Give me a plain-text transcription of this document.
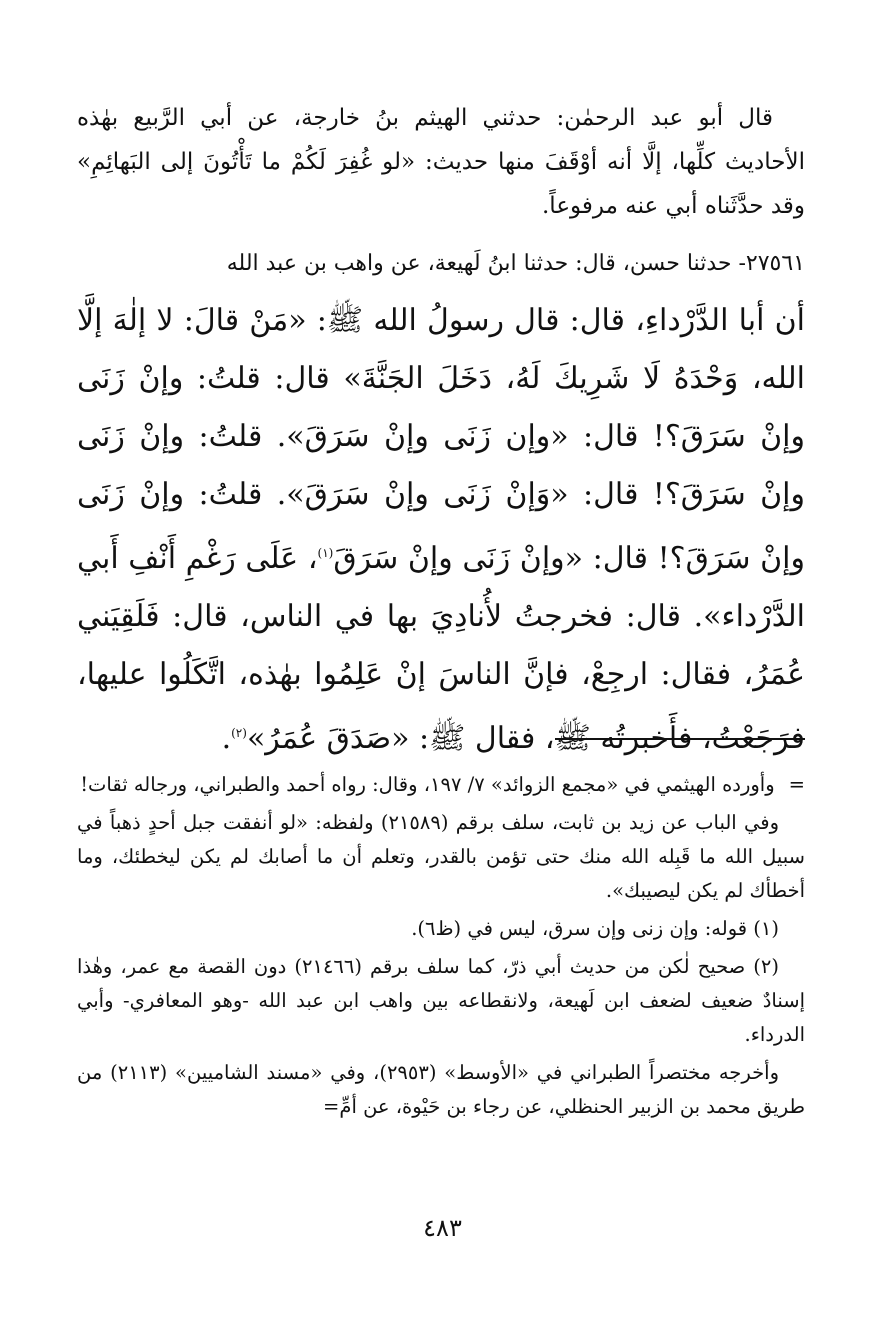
قال أبو عبد الرحمٰن: حدثني الهيثم بنُ خارجة، عن أبي الرَّبيع بهٰذه الأحاديث كلِّها، إلَّا أنه أوْقَفَ منها حديث: «لو غُفِرَ لَكُمْ ما تَأْتُونَ إلى البَهائِمِ» وقد حدَّثَناه أبي عنه مرفوعاً.

٢٧٥٦١- حدثنا حسن، قال: حدثنا ابنُ لَهيعة، عن واهب بن عبد الله

أن أبا الدَّرْداءِ، قال: قال رسولُ الله ﷺ: «مَنْ قالَ: لا إلٰهَ إلَّا الله، وَحْدَهُ لَا شَرِيكَ لَهُ، دَخَلَ الجَنَّةَ» قال: قلتُ: وإنْ زَنَى وإنْ سَرَقَ؟! قال: «وإن زَنَى وإنْ سَرَقَ». قلتُ: وإنْ زَنَى وإنْ سَرَقَ؟! قال: «وَإنْ زَنَى وإنْ سَرَقَ». قلتُ: وإنْ زَنَى وإنْ سَرَقَ؟! قال: «وإنْ زَنَى وإنْ سَرَقَ$^{(١)}$، عَلَى رَغْمِ أَنْفِ أَبي الدَّرْداء». قال: فخرجتُ لأُنادِيَ بها في الناس، قال: فَلَقِيَني عُمَرُ، فقال: ارجِعْ، فإنَّ الناسَ إنْ عَلِمُوا بهٰذه، اتَّكَلُوا عليها، فرَجَعْتُ، فأَخبرتُه ﷺ، فقال ﷺ: «صَدَقَ عُمَرُ»$^{(٢)}$.

=وأورده الهيثمي في «مجمع الزوائد» ٧/ ١٩٧، وقال: رواه أحمد والطبراني، ورجاله ثقات!

وفي الباب عن زيد بن ثابت، سلف برقم (٢١٥٨٩) ولفظه: «لو أنفقت جبل أحدٍ ذهباً في سبيل الله ما قَبِله الله منك حتى تؤمن بالقدر، وتعلم أن ما أصابك لم يكن ليخطئك، وما أخطأك لم يكن ليصيبك».

(١) قوله: وإن زنى وإن سرق، ليس في (ظ٦).

(٢) صحيح لٰكن من حديث أبي ذرّ، كما سلف برقم (٢١٤٦٦) دون القصة مع عمر، وهٰذا إسنادٌ ضعيف لضعف ابن لَهيعة، ولانقطاعه بين واهب ابن عبد الله -وهو المعافري- وأبي الدرداء.

وأخرجه مختصراً الطبراني في «الأوسط» (٢٩٥٣)، وفي «مسند الشاميين» (٢١١٣) من طريق محمد بن الزبير الحنظلي، عن رجاء بن حَيْوة، عن أمِّ=

٤٨٣
